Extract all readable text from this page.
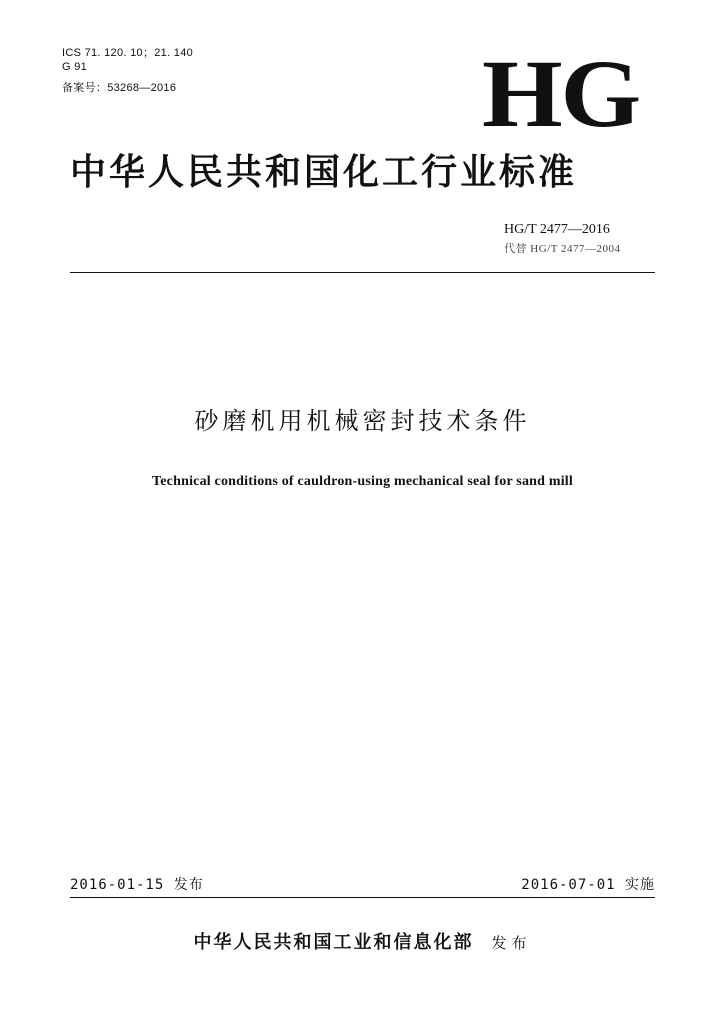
ICS 71. 120. 10；21. 140
G 91
备案号：53268—2016	HG
中华人民共和国化工行业标准
HG/T 2477—2016
代替 HG/T 2477—2004
砂磨机用机械密封技术条件
Technical conditions of cauldron-using mechanical seal for sand mill
2016-01-15 发布	2016-07-01 实施
中华人民共和国工业和信息化部 发布
